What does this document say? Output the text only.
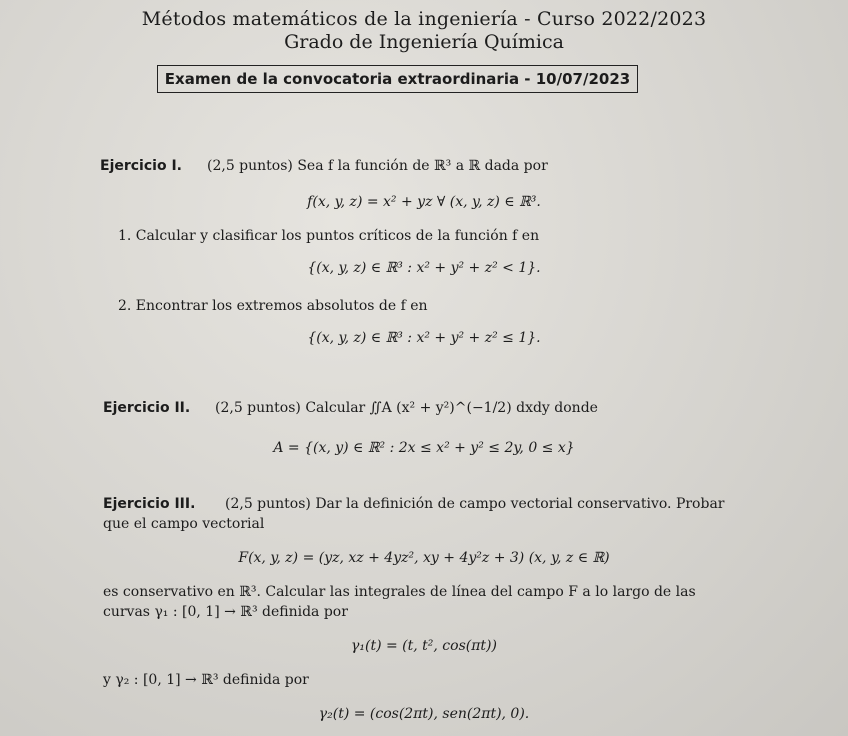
Métodos matemáticos de la ingeniería - Curso 2022/2023
Grado de Ingeniería Química
Examen de la convocatoria extraordinaria - 10/07/2023
Ejercicio I. (2,5 puntos) Sea f la función de ℝ³ a ℝ dada por
f(x, y, z) = x² + yz ∀ (x, y, z) ∈ ℝ³.
1. Calcular y clasificar los puntos críticos de la función f en
{(x, y, z) ∈ ℝ³ : x² + y² + z² < 1}.
2. Encontrar los extremos absolutos de f en
{(x, y, z) ∈ ℝ³ : x² + y² + z² ≤ 1}.
Ejercicio II. (2,5 puntos) Calcular ∬A (x² + y²)^(−1/2) dxdy donde
A = {(x, y) ∈ ℝ² : 2x ≤ x² + y² ≤ 2y, 0 ≤ x}
Ejercicio III. (2,5 puntos) Dar la definición de campo vectorial conservativo. Probar
que el campo vectorial
F(x, y, z) = (yz, xz + 4yz², xy + 4y²z + 3) (x, y, z ∈ ℝ)
es conservativo en ℝ³. Calcular las integrales de línea del campo F a lo largo de las
curvas γ₁ : [0, 1] → ℝ³ definida por
γ₁(t) = (t, t², cos(πt))
y γ₂ : [0, 1] → ℝ³ definida por
γ₂(t) = (cos(2πt), sen(2πt), 0).
